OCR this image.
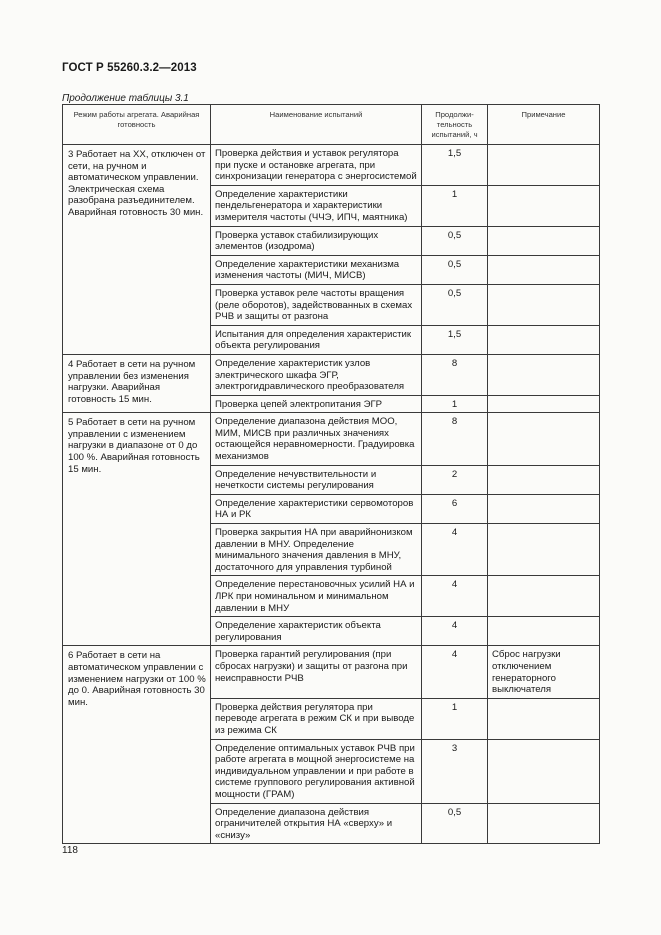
ГОСТ Р 55260.3.2—2013
Продолжение таблицы 3.1
Режим работы агрегата. Аварийная готовность	Наименование испытаний	Продолжи-тельность испытаний, ч	Примечание
3 Работает на ХХ, отключен от сети, на ручном и автоматическом управлении. Электрическая схема разобрана разъединителем. Аварийная готовность 30 мин.	Проверка действия и уставок регулятора при пуске и остановке агрегата, при синхронизации генератора с энергосистемой	1,5	
	Определение характеристики пендельгенератора и характеристики измерителя частоты (ЧЧЭ, ИПЧ, маятника)	1	
	Проверка уставок стабилизирующих элементов (изодрома)	0,5	
	Определение характеристики механизма изменения частоты (МИЧ, МИСВ)	0,5	
	Проверка уставок реле частоты вращения (реле оборотов), задействованных в схемах РЧВ и защиты от разгона	0,5	
	Испытания для определения характеристик объекта регулирования	1,5	
4 Работает в сети на ручном управлении без изменения нагрузки. Аварийная готовность 15 мин.	Определение характеристик узлов электрического шкафа ЭГР, электрогидравлического преобразователя	8	
	Проверка цепей электропитания ЭГР	1	
5 Работает в сети на ручном управлении с изменением нагрузки в диапазоне от 0 до 100 %. Аварийная готовность 15 мин.	Определение диапазона действия МОО, МИМ, МИСВ при различных значениях остающейся неравномерности. Градуировка механизмов	8	
	Определение нечувствительности и нечеткости системы регулирования	2	
	Определение характеристики сервомоторов НА и РК	6	
	Проверка закрытия НА при аварийнонизком давлении в МНУ. Определение минимального значения давления в МНУ, достаточного для управления турбиной	4	
	Определение перестановочных усилий НА и ЛРК при номинальном и минимальном давлении в МНУ	4	
	Определение характеристик объекта регулирования	4	
6 Работает в сети на автоматическом управлении с изменением нагрузки от 100 % до 0. Аварийная готовность 30 мин.	Проверка гарантий регулирования (при сбросах нагрузки) и защиты от разгона при неисправности РЧВ	4	Сброс нагрузки отключением генераторного выключателя
	Проверка действия регулятора при переводе агрегата в режим СК и при выводе из режима СК	1	
	Определение оптимальных уставок РЧВ при работе агрегата в мощной энергосистеме на индивидуальном управлении и при работе в системе группового регулирования активной мощности (ГРАМ)	3	
	Определение диапазона действия ограничителей открытия НА «сверху» и «снизу»	0,5	
118
